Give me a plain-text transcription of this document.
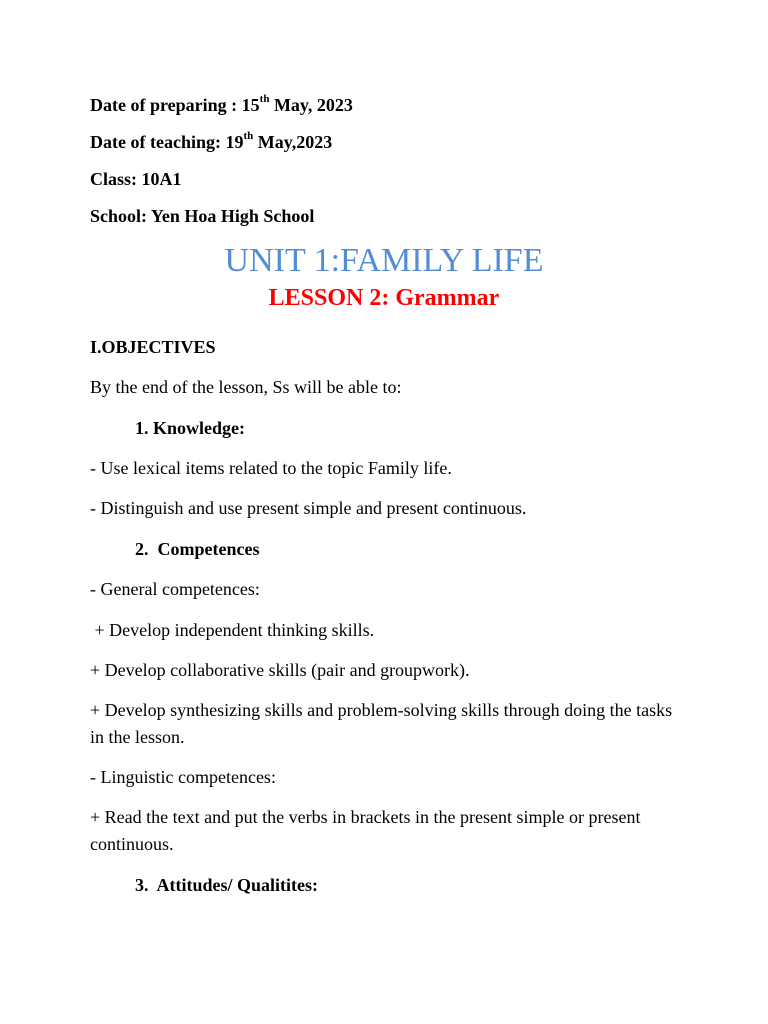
Date of preparing : 15th May, 2023
Date of teaching: 19th May,2023
Class: 10A1
School: Yen Hoa High School
UNIT 1:FAMILY LIFE
LESSON 2: Grammar
I.OBJECTIVES
By the end of the lesson, Ss will be able to:
1. Knowledge:
- Use lexical items related to the topic Family life.
- Distinguish and use present simple and present continuous.
2.  Competences
- General competences:
+ Develop independent thinking skills.
+ Develop collaborative skills (pair and groupwork).
+ Develop synthesizing skills and problem-solving skills through doing the tasks in the lesson.
- Linguistic competences:
+ Read the text and put the verbs in brackets in the present simple or present continuous.
3.  Attitudes/ Qualitites:
